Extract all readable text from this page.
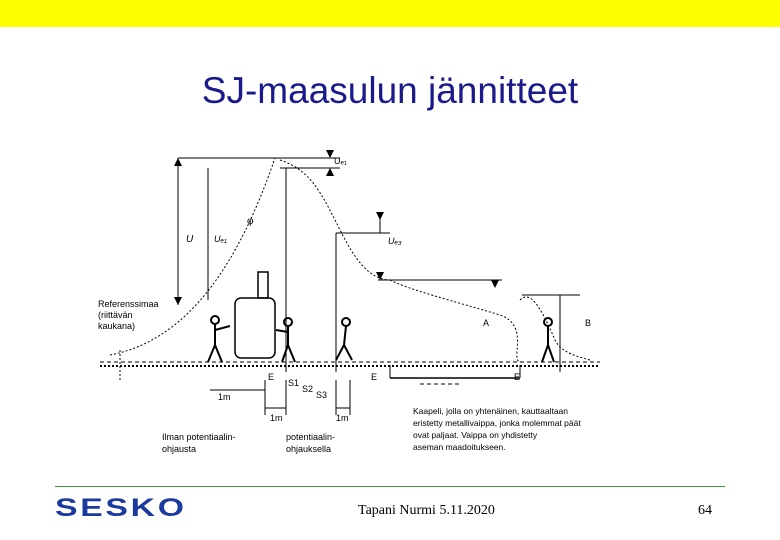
SJ-maasulun jännitteet
Uₑ₁
φ
U Uₑ₁	Uₑ₃
A	B
Referenssimaa (riittävän kaukana)
E	E	E
S1
S2
S3
1m
1m	1m
Ilman potentiaalin- ohjausta
potentiaalin- ohjauksella
Kaapeli, jolla on yhtenäinen, kauttaaltaan eristetty metallivaippa, jonka molemmat päät ovat paljaat. Vaippa on yhdistetty aseman maadoitukseen.
SESKO	Tapani Nurmi 5.11.2020	64
